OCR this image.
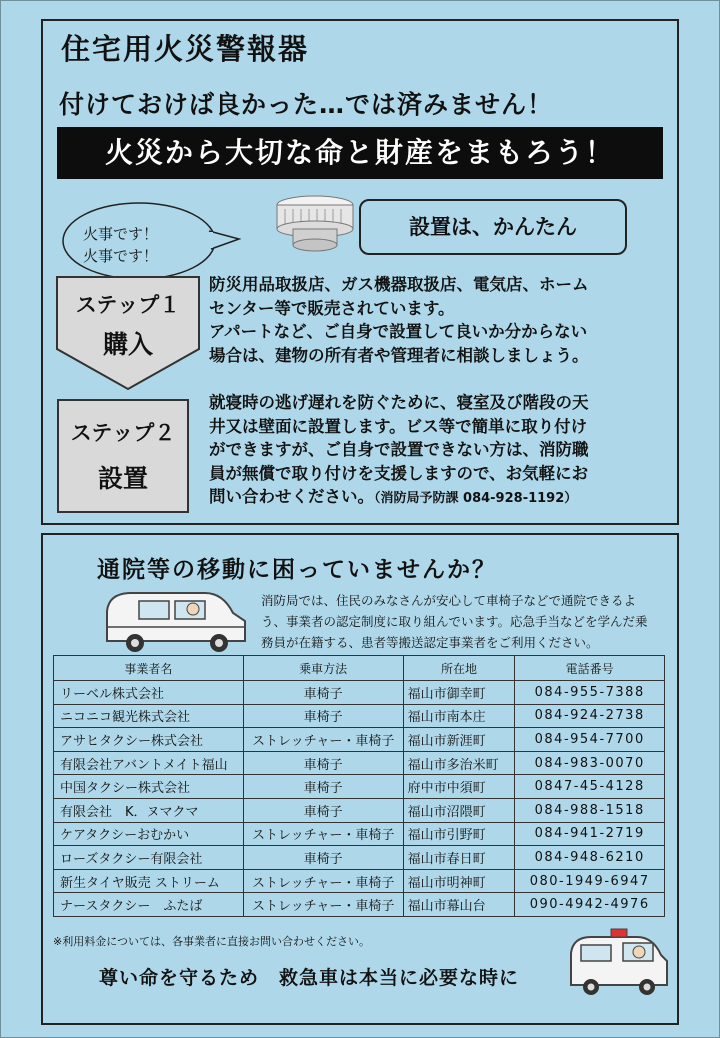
住宅用火災警報器
付けておけば良かった…では済みません！
火災から大切な命と財産をまもろう！
火事です！
火事です！
設置は、かんたん
ステップ１
購入
防災用品取扱店、ガス機器取扱店、電気店、ホーム
センター等で販売されています。
アパートなど、ご自身で設置して良いか分からない
場合は、建物の所有者や管理者に相談しましょう。
ステップ２
設置
就寝時の逃げ遅れを防ぐために、寝室及び階段の天
井又は壁面に設置します。ビス等で簡単に取り付け
ができますが、ご自身で設置できない方は、消防職
員が無償で取り付けを支援しますので、お気軽にお
問い合わせください。（消防局予防課 084-928-1192）
通院等の移動に困っていませんか？
消防局では、住民のみなさんが安心して車椅子などで通院できるよ
う、事業者の認定制度に取り組んでいます。応急手当などを学んだ乗
務員が在籍する、患者等搬送認定事業者をご利用ください。
事業者名	乗車方法	所在地	電話番号
リーベル株式会社	車椅子	福山市御幸町	084-955-7388
ニコニコ観光株式会社	車椅子	福山市南本庄	084-924-2738
アサヒタクシー株式会社	ストレッチャー・車椅子	福山市新涯町	084-954-7700
有限会社アバントメイト福山	車椅子	福山市多治米町	084-983-0070
中国タクシー株式会社	車椅子	府中市中須町	0847-45-4128
有限会社　K．ヌマクマ	車椅子	福山市沼隈町	084-988-1518
ケアタクシーおむかい	ストレッチャー・車椅子	福山市引野町	084-941-2719
ローズタクシー有限会社	車椅子	福山市春日町	084-948-6210
新生タイヤ販売 ストリーム	ストレッチャー・車椅子	福山市明神町	080-1949-6947
ナースタクシー　ふたば	ストレッチャー・車椅子	福山市幕山台	090-4942-4976
※利用料金については、各事業者に直接お問い合わせください。
尊い命を守るため　救急車は本当に必要な時に
